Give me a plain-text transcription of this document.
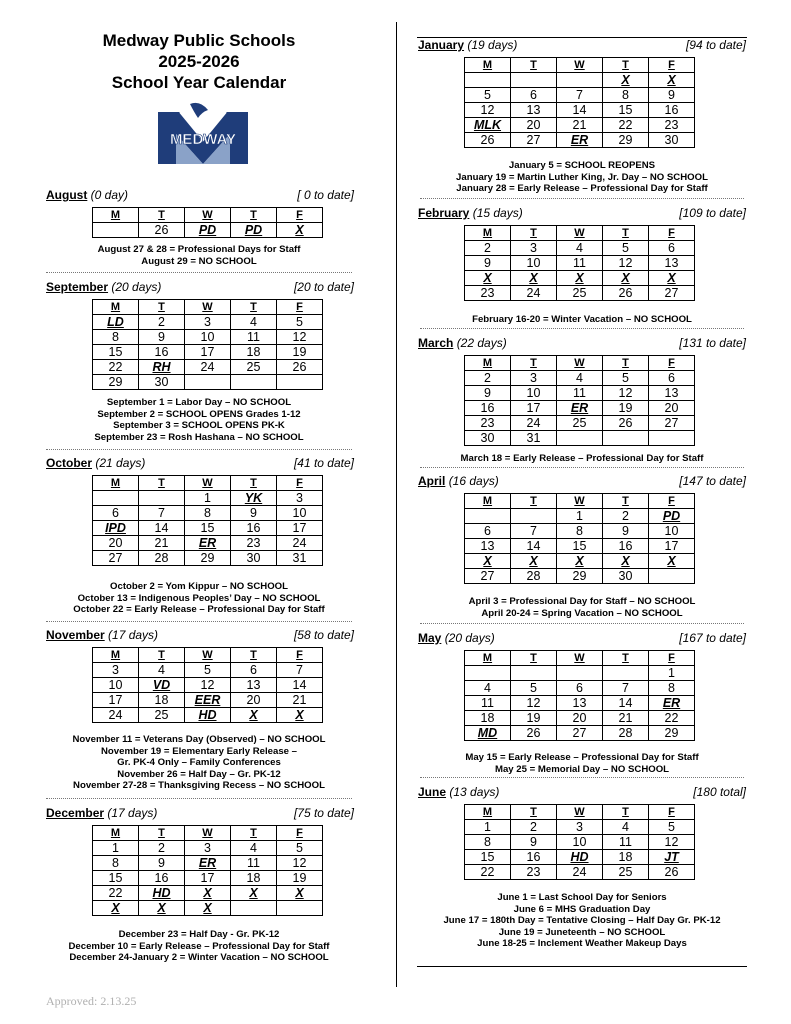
Medway Public Schools
2025-2026
School Year Calendar
MEDWAY
August (0 day)	[ 0 to date]
M	T	W	T	F
	26	PD	PD	X
August 27 & 28 = Professional Days for Staff
August 29 = NO SCHOOL
September (20 days)	[20 to date]
M	T	W	T	F
LD	2	3	4	5
8	9	10	11	12
15	16	17	18	19
22	RH	24	25	26
29	30			
September 1 = Labor Day – NO SCHOOL
September 2 = SCHOOL OPENS Grades 1-12
September 3 = SCHOOL OPENS PK-K
September 23 = Rosh Hashana – NO SCHOOL
October (21 days)	[41 to date]
M	T	W	T	F
		1	YK	3
6	7	8	9	10
IPD	14	15	16	17
20	21	ER	23	24
27	28	29	30	31
October 2 = Yom Kippur – NO SCHOOL
October 13 = Indigenous Peoples’ Day – NO SCHOOL
October 22 = Early Release – Professional Day for Staff
November (17 days)	[58 to date]
M	T	W	T	F
3	4	5	6	7
10	VD	12	13	14
17	18	EER	20	21
24	25	HD	X	X
November 11 = Veterans Day (Observed) – NO SCHOOL
November 19 = Elementary Early Release –
Gr. PK-4 Only – Family Conferences
November 26 = Half Day – Gr. PK-12
November 27-28 = Thanksgiving Recess – NO SCHOOL
December (17 days)	[75 to date]
M	T	W	T	F
1	2	3	4	5
8	9	ER	11	12
15	16	17	18	19
22	HD	X	X	X
X	X	X		
December 23 = Half Day - Gr. PK-12
December 10 = Early Release – Professional Day for Staff
December 24-January 2 = Winter Vacation – NO SCHOOL
January (19 days)	[94 to date]
M	T	W	T	F
			X	X
5	6	7	8	9
12	13	14	15	16
MLK	20	21	22	23
26	27	ER	29	30
January 5 = SCHOOL REOPENS
January 19 = Martin Luther King, Jr. Day – NO SCHOOL
January 28 = Early Release – Professional Day for Staff
February (15 days)	[109 to date]
M	T	W	T	F
2	3	4	5	6
9	10	11	12	13
X	X	X	X	X
23	24	25	26	27
February 16-20 = Winter Vacation – NO SCHOOL
March (22 days)	[131 to date]
M	T	W	T	F
2	3	4	5	6
9	10	11	12	13
16	17	ER	19	20
23	24	25	26	27
30	31			
March 18 = Early Release – Professional Day for Staff
April (16 days)	[147 to date]
M	T	W	T	F
		1	2	PD
6	7	8	9	10
13	14	15	16	17
X	X	X	X	X
27	28	29	30	
April 3 = Professional Day for Staff – NO SCHOOL
April 20-24 = Spring Vacation – NO SCHOOL
May (20 days)	[167 to date]
M	T	W	T	F
				1
4	5	6	7	8
11	12	13	14	ER
18	19	20	21	22
MD	26	27	28	29
May 15 = Early Release – Professional Day for Staff
May 25 = Memorial Day – NO SCHOOL
June (13 days)	[180 total]
M	T	W	T	F
1	2	3	4	5
8	9	10	11	12
15	16	HD	18	JT
22	23	24	25	26
June 1 = Last School Day for Seniors
June 6 = MHS Graduation Day
June 17 = 180th Day = Tentative Closing – Half Day Gr. PK-12
June 19 = Juneteenth – NO SCHOOL
June 18-25 = Inclement Weather Makeup Days
Approved: 2.13.25
